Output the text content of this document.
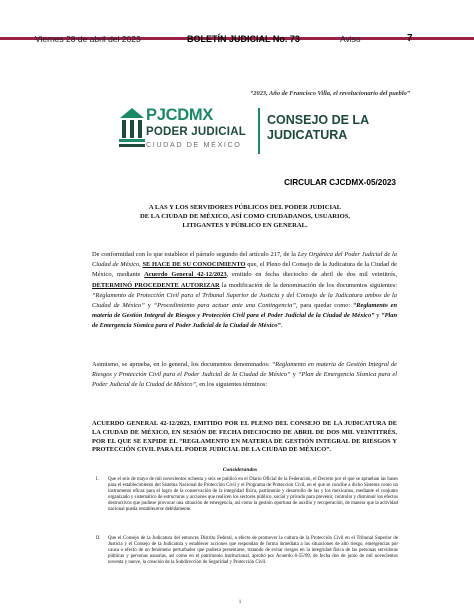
Viernes 28 de abril del 2023	BOLETÍN JUDICIAL No. 73	Aviso	7
“2023, Año de Francisco Villa, el revolucionario del pueblo”
PJCDMX
PODER JUDICIAL
CIUDAD DE MÉXICO
CONSEJO DE LA
JUDICATURA
CIRCULAR CJCDMX-05/2023
A LAS Y LOS SERVIDORES PÚBLICOS DEL PODER JUDICIAL
DE LA CIUDAD DE MÉXICO, ASÍ COMO CIUDADANOS, USUARIOS,
LITIGANTES Y PÚBLICO EN GENERAL.

De conformidad con lo que establece el párrafo segundo del artículo 217, de la Ley Orgánica del Poder Judicial de la Ciudad de México, SE HACE DE SU CONOCIMIENTO que, el Pleno del Consejo de la Judicatura de la Ciudad de México, mediante Acuerdo General 42-12/2023, emitido en fecha dieciocho de abril de dos mil veintitrés, DETERMINÓ PROCEDENTE AUTORIZAR la modificación de la denominación de los documentos siguientes: “Reglamento de Protección Civil para el Tribunal Superior de Justicia y del Consejo de la Judicatura ambos de la Ciudad de México” y “Procedimiento para actuar ante una Contingencia”, para quedar como: “Reglamento en materia de Gestión Integral de Riesgos y Protección Civil para el Poder Judicial de la Ciudad de México” y “Plan de Emergencia Sísmica para el Poder Judicial de la Ciudad de México”.

Asimismo, se aprueba, en lo general, los documentos denominados: “Reglamento en materia de Gestión Integral de Riesgos y Protección Civil para el Poder Judicial de la Ciudad de México” y “Plan de Emergencia Sísmica para el Poder Judicial de la Ciudad de México”, en los siguientes términos:

ACUERDO GENERAL 42-12/2023, EMITIDO POR EL PLENO DEL CONSEJO DE LA JUDICATURA DE LA CIUDAD DE MÉXICO, EN SESIÓN DE FECHA DIECIOCHO DE ABRIL DE DOS MIL VEINTITRÉS, POR EL QUE SE EXPIDE EL “REGLAMENTO EN MATERIA DE GESTIÓN INTEGRAL DE RIESGOS Y PROTECCIÓN CIVIL PARA EL PODER JUDICIAL DE LA CIUDAD DE MÉXICO”.

Considerandos
I. Que el seis de mayo de mil novecientos ochenta y seis se publicó en el Diario Oficial de la Federación, el Decreto por el que se aprueban las bases para el establecimiento del Sistema Nacional de Protección Civil y el Programa de Protección Civil, en el que se concibe a dicho Sistema como un instrumento eficaz para el logro de la conservación de la integridad física, patrimonio y desarrollo de las y los mexicanos, mediante el conjunto organizado y sistemático de estructuras y acciones que realicen los sectores público, social y privado para prevenir, controlar y disminuir los efectos destructivos que pudiese provocar una situación de emergencia, así como la gestión oportuna de auxilio y recuperación, de manera que la actividad nacional pueda restablecerse debidamente.
II. Que el Consejo de la Judicatura del entonces Distrito Federal, a efecto de promover la cultura de la Protección Civil en el Tribunal Superior de Justicia y el Consejo de la Judicatura y establecer acciones que respondan de forma inmediata a las situaciones de alto riesgo, emergencias por causa o efecto de un fenómeno perturbador que pudiera presentarse, tratando de evitar riesgos en la integridad física de las personas servidoras públicas y personas usuarias, así como en el patrimonio institucional, aprobó por Acuerdo 6-55/99, de fecha dos de junio de mil novecientos noventa y nueve, la creación de la Subdirección de Seguridad y Protección Civil.
1
